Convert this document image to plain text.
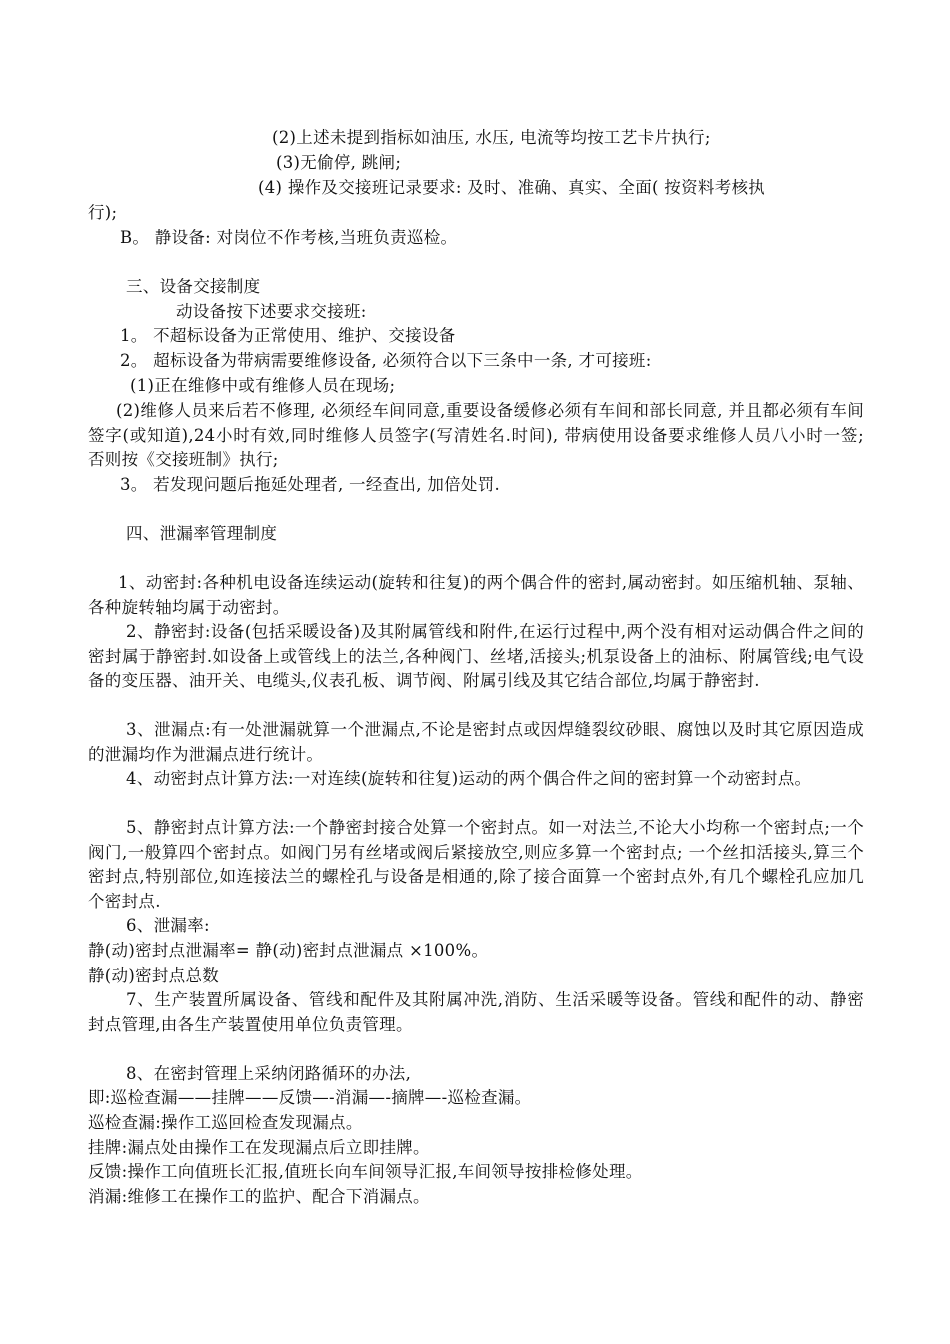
(2)上述未提到指标如油压, 水压, 电流等均按工艺卡片执行;
(3)无偷停, 跳闸;
(4) 操作及交接班记录要求: 及时、准确、真实、全面( 按资料考核执
行);
B。 静设备: 对岗位不作考核,当班负责巡检。
三、设备交接制度
动设备按下述要求交接班:
1。 不超标设备为正常使用、维护、交接设备
2。 超标设备为带病需要维修设备, 必须符合以下三条中一条, 才可接班:
(1)正在维修中或有维修人员在现场;
(2)维修人员来后若不修理, 必须经车间同意,重要设备缓修必须有车间和部长同意, 并且都必须有车间签字(或知道),24小时有效,同时维修人员签字(写清姓名.时间), 带病使用设备要求维修人员八小时一签; 否则按《交接班制》执行;
3。 若发现问题后拖延处理者, 一经查出, 加倍处罚.
四、泄漏率管理制度
1、动密封:各种机电设备连续运动(旋转和往复)的两个偶合件的密封,属动密封。如压缩机轴、泵轴、各种旋转轴均属于动密封。
2、静密封:设备(包括采暖设备)及其附属管线和附件,在运行过程中,两个没有相对运动偶合件之间的密封属于静密封.如设备上或管线上的法兰,各种阀门、丝堵,活接头;机泵设备上的油标、附属管线;电气设备的变压器、油开关、电缆头,仪表孔板、调节阀、附属引线及其它结合部位,均属于静密封.
3、泄漏点:有一处泄漏就算一个泄漏点,不论是密封点或因焊缝裂纹砂眼、腐蚀以及时其它原因造成的泄漏均作为泄漏点进行统计。
4、动密封点计算方法:一对连续(旋转和往复)运动的两个偶合件之间的密封算一个动密封点。
5、静密封点计算方法:一个静密封接合处算一个密封点。如一对法兰,不论大小均称一个密封点;一个阀门,一般算四个密封点。如阀门另有丝堵或阀后紧接放空,则应多算一个密封点; 一个丝扣活接头,算三个密封点,特别部位,如连接法兰的螺栓孔与设备是相通的,除了接合面算一个密封点外,有几个螺栓孔应加几个密封点.
6、泄漏率:
静(动)密封点泄漏率= 静(动)密封点泄漏点 ×100%。
静(动)密封点总数
7、生产装置所属设备、管线和配件及其附属冲洗,消防、生活采暖等设备。管线和配件的动、静密封点管理,由各生产装置使用单位负责管理。
8、在密封管理上采纳闭路循环的办法,
即:巡检查漏——挂牌——反馈—-消漏—-摘牌—-巡检查漏。
巡检查漏:操作工巡回检查发现漏点。
挂牌:漏点处由操作工在发现漏点后立即挂牌。
反馈:操作工向值班长汇报,值班长向车间领导汇报,车间领导按排检修处理。
消漏:维修工在操作工的监护、配合下消漏点。
